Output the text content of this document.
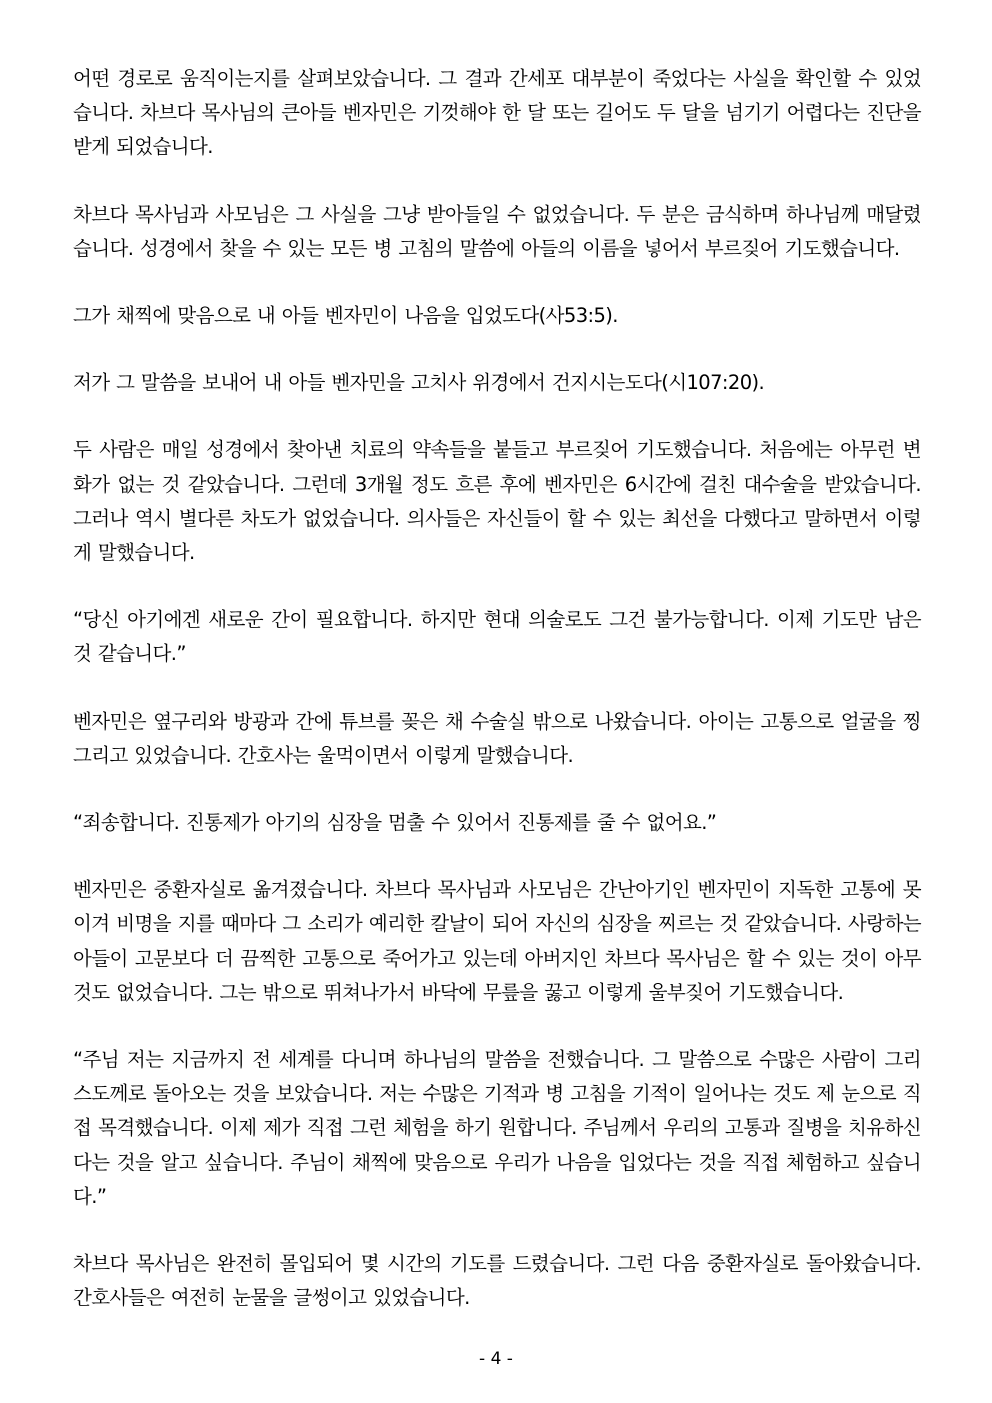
어떤 경로로 움직이는지를 살펴보았습니다. 그 결과 간세포 대부분이 죽었다는 사실을 확인할 수 있었습니다. 차브다 목사님의 큰아들 벤자민은 기껏해야 한 달 또는 길어도 두 달을 넘기기 어렵다는 진단을 받게 되었습니다.

차브다 목사님과 사모님은 그 사실을 그냥 받아들일 수 없었습니다. 두 분은 금식하며 하나님께 매달렸습니다. 성경에서 찾을 수 있는 모든 병 고침의 말씀에 아들의 이름을 넣어서 부르짖어 기도했습니다.

그가 채찍에 맞음으로 내 아들 벤자민이 나음을 입었도다(사53:5).

저가 그 말씀을 보내어 내 아들 벤자민을 고치사 위경에서 건지시는도다(시107:20).

두 사람은 매일 성경에서 찾아낸 치료의 약속들을 붙들고 부르짖어 기도했습니다. 처음에는 아무런 변화가 없는 것 같았습니다. 그런데 3개월 정도 흐른 후에 벤자민은 6시간에 걸친 대수술을 받았습니다. 그러나 역시 별다른 차도가 없었습니다. 의사들은 자신들이 할 수 있는 최선을 다했다고 말하면서 이렇게 말했습니다.

“당신 아기에겐 새로운 간이 필요합니다. 하지만 현대 의술로도 그건 불가능합니다. 이제 기도만 남은 것 같습니다.”

벤자민은 옆구리와 방광과 간에 튜브를 꽂은 채 수술실 밖으로 나왔습니다. 아이는 고통으로 얼굴을 찡그리고 있었습니다. 간호사는 울먹이면서 이렇게 말했습니다.

“죄송합니다. 진통제가 아기의 심장을 멈출 수 있어서 진통제를 줄 수 없어요.”

벤자민은 중환자실로 옮겨졌습니다. 차브다 목사님과 사모님은 간난아기인 벤자민이 지독한 고통에 못 이겨 비명을 지를 때마다 그 소리가 예리한 칼날이 되어 자신의 심장을 찌르는 것 같았습니다. 사랑하는 아들이 고문보다 더 끔찍한 고통으로 죽어가고 있는데 아버지인 차브다 목사님은 할 수 있는 것이 아무것도 없었습니다. 그는 밖으로 뛰쳐나가서 바닥에 무릎을 꿇고 이렇게 울부짖어 기도했습니다.

“주님 저는 지금까지 전 세계를 다니며 하나님의 말씀을 전했습니다. 그 말씀으로 수많은 사람이 그리스도께로 돌아오는 것을 보았습니다. 저는 수많은 기적과 병 고침을 기적이 일어나는 것도 제 눈으로 직접 목격했습니다. 이제 제가 직접 그런 체험을 하기 원합니다. 주님께서 우리의 고통과 질병을 치유하신다는 것을 알고 싶습니다. 주님이 채찍에 맞음으로 우리가 나음을 입었다는 것을 직접 체험하고 싶습니다.”

차브다 목사님은 완전히 몰입되어 몇 시간의 기도를 드렸습니다. 그런 다음 중환자실로 돌아왔습니다. 간호사들은 여전히 눈물을 글썽이고 있었습니다.

- 4 -
